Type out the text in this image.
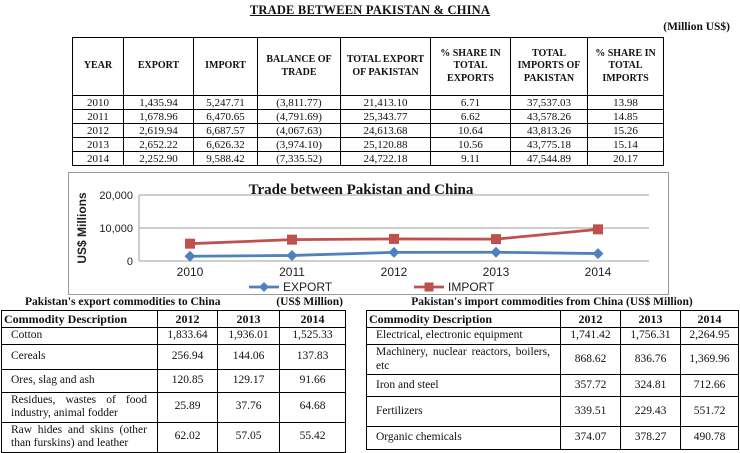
TRADE BETWEEN PAKISTAN & CHINA
(Million US$)
YEAR	EXPORT	IMPORT	BALANCE OF TRADE	TOTAL EXPORT OF PAKISTAN	% SHARE IN TOTAL EXPORTS	TOTAL IMPORTS OF PAKISTAN	% SHARE IN TOTAL IMPORTS
2010	1,435.94	5,247.71	(3,811.77)	21,413.10	6.71	37,537.03	13.98
2011	1,678.96	6,470.65	(4,791.69)	25,343.77	6.62	43,578.26	14.85
2012	2,619.94	6,687.57	(4,067.63)	24,613.68	10.64	43,813.26	15.26
2013	2,652.22	6,626.32	(3,974.10)	25,120.88	10.56	43,775.18	15.14
2014	2,252.90	9,588.42	(7,335.52)	24,722.18	9.11	47,544.89	20.17
20,000
10,000
0
2010	2011	2012	2013	2014
Trade between Pakistan and China
US$ Millions
EXPORT	IMPORT
Pakistan's export commodities to China	(US$ Million)
Commodity Description	2012	2013	2014
Cotton	1,833.64	1,936.01	1,525.33
Cereals	256.94	144.06	137.83
Ores, slag and ash	120.85	129.17	91.66
Residues, wastes of food industry, animal fodder	25.89	37.76	64.68
Raw hides and skins (other than furskins) and leather	62.02	57.05	55.42
Pakistan's import commodities from China (US$ Million)
Commodity Description	2012	2013	2014
Electrical, electronic equipment	1,741.42	1,756.31	2,264.95
Machinery, nuclear reactors, boilers, etc	868.62	836.76	1,369.96
Iron and steel	357.72	324.81	712.66
Fertilizers	339.51	229.43	551.72
Organic chemicals	374.07	378.27	490.78
